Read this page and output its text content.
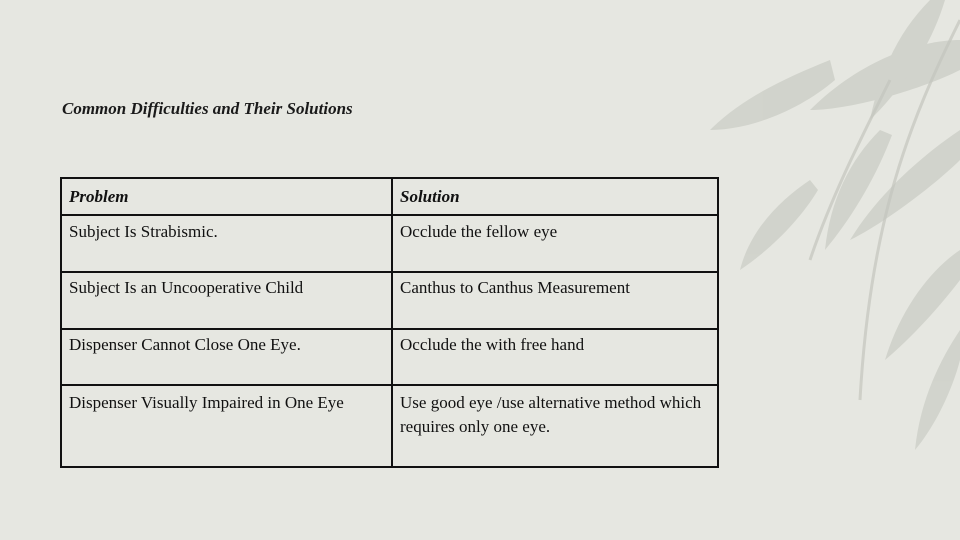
Common Difficulties and Their Solutions
Problem	Solution
Subject Is Strabismic.	Occlude the fellow eye
Subject Is an Uncooperative Child	Canthus to Canthus Measurement
Dispenser Cannot Close One Eye.	Occlude the with free hand
Dispenser Visually Impaired in One Eye	Use good eye /use alternative method which requires only one eye.
